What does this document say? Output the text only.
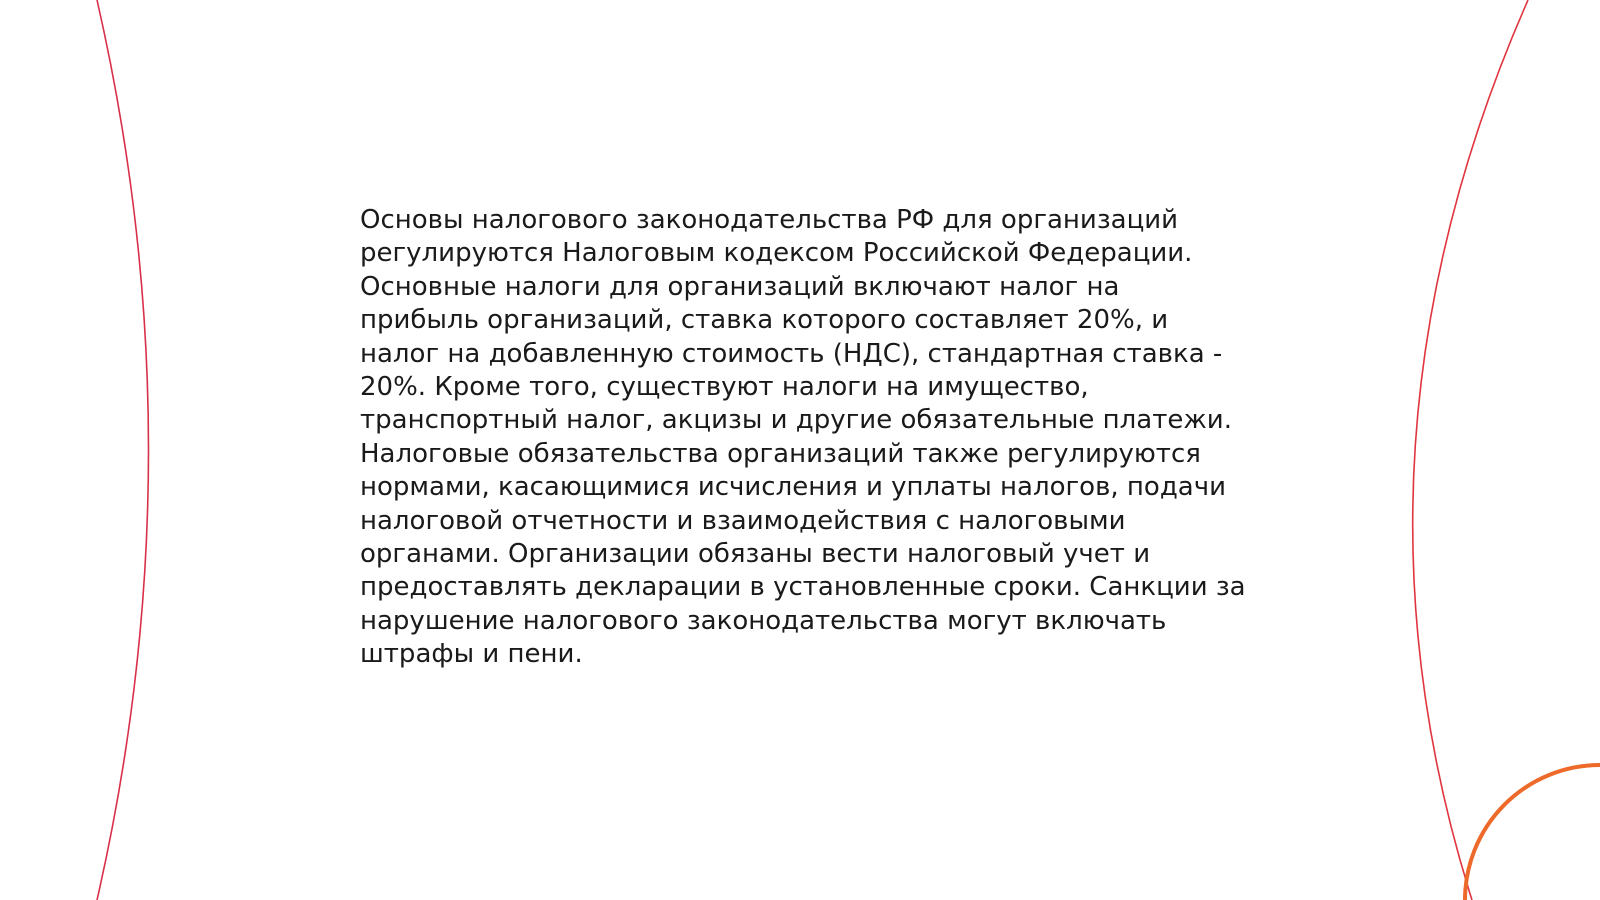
Основы налогового законодательства РФ для организаций
регулируются Налоговым кодексом Российской Федерации.
Основные налоги для организаций включают налог на
прибыль организаций, ставка которого составляет 20%, и
налог на добавленную стоимость (НДС), стандартная ставка -
20%. Кроме того, существуют налоги на имущество,
транспортный налог, акцизы и другие обязательные платежи.
Налоговые обязательства организаций также регулируются
нормами, касающимися исчисления и уплаты налогов, подачи
налоговой отчетности и взаимодействия с налоговыми
органами. Организации обязаны вести налоговый учет и
предоставлять декларации в установленные сроки. Санкции за
нарушение налогового законодательства могут включать
штрафы и пени.
